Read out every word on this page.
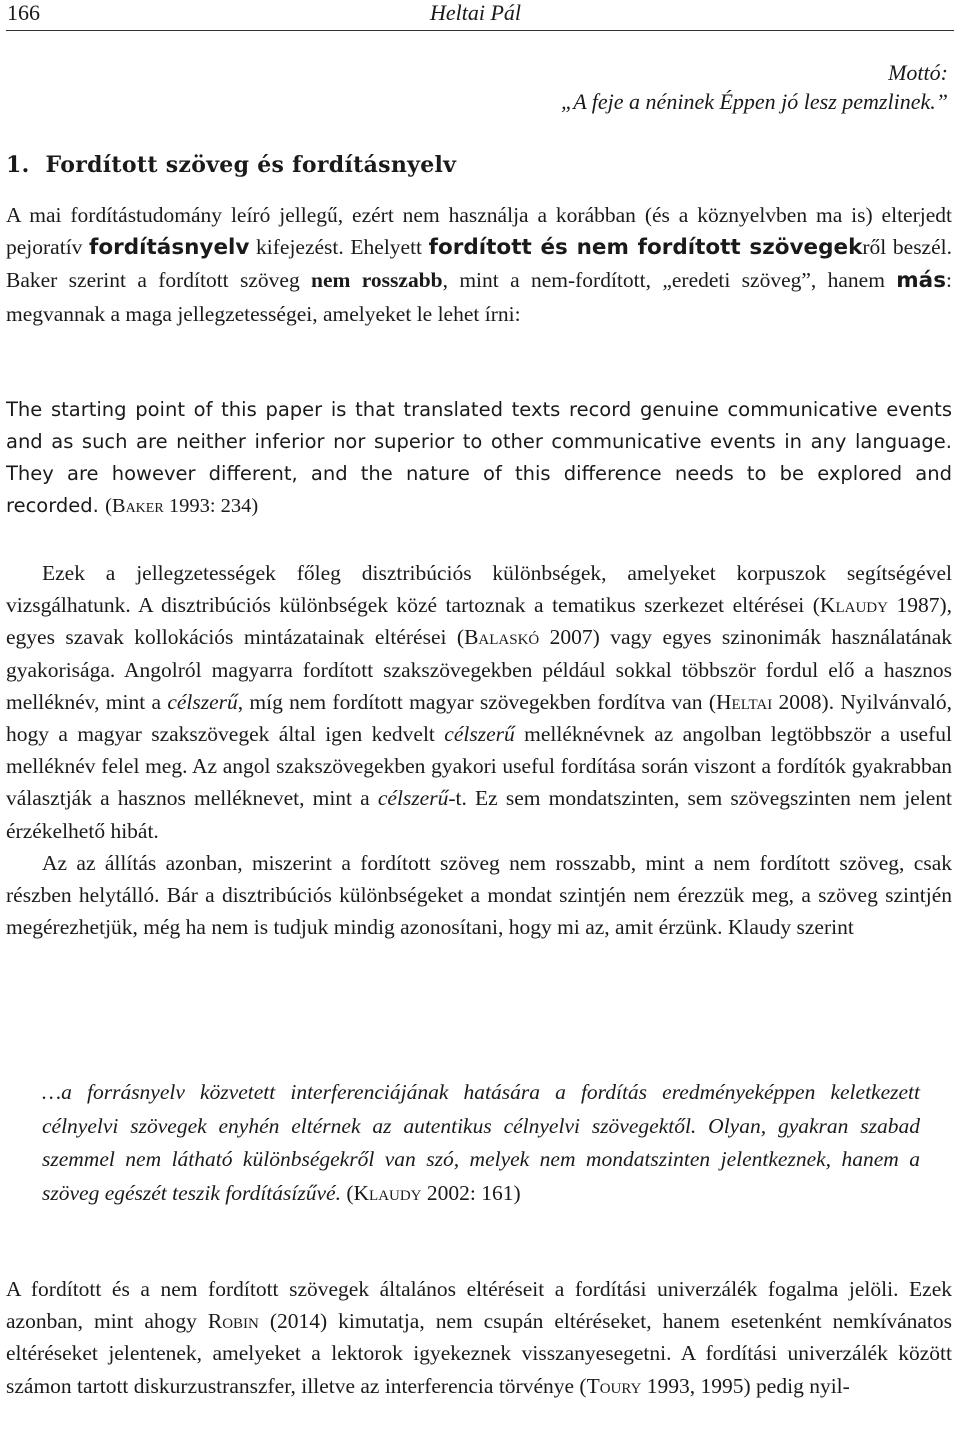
166	Heltai Pál
Mottó:
„A feje a néninek Éppen jó lesz pemzlinek.”
1. Fordított szöveg és fordításnyelv

A mai fordítástudomány leíró jellegű, ezért nem használja a korábban (és a köznyelvben ma is) elterjedt pejoratív fordításnyelv kifejezést. Ehelyett fordított és nem fordított szövegekről beszél. Baker szerint a fordított szöveg nem rosszabb, mint a nem-fordított, „eredeti szöveg”, hanem más: megvannak a maga jellegzetességei, amelyeket le lehet írni:

The starting point of this paper is that translated texts record genuine communicative events and as such are neither inferior nor superior to other communicative events in any language. They are however different, and the nature of this difference needs to be explored and recorded. (Baker 1993: 234)

Ezek a jellegzetességek főleg disztribúciós különbségek, amelyeket korpuszok segítségével vizsgálhatunk. A disztribúciós különbségek közé tartoznak a tematikus szerkezet eltérései (Klaudy 1987), egyes szavak kollokációs mintázatainak eltérései (Balaskó 2007) vagy egyes szinonimák használatának gyakorisága. Angolról magyarra fordított szakszövegekben például sokkal többször fordul elő a hasznos melléknév, mint a célszerű, míg nem fordított magyar szövegekben fordítva van (Heltai 2008). Nyilvánvaló, hogy a magyar szakszövegek által igen kedvelt célszerű melléknévnek az angolban legtöbbször a useful melléknév felel meg. Az angol szakszövegekben gyakori useful fordítása során viszont a fordítók gyakrabban választják a hasznos melléknevet, mint a célszerű-t. Ez sem mondatszinten, sem szövegszinten nem jelent érzékelhető hibát.

Az az állítás azonban, miszerint a fordított szöveg nem rosszabb, mint a nem fordított szöveg, csak részben helytálló. Bár a disztribúciós különbségeket a mondat szintjén nem érezzük meg, a szöveg szintjén megérezhetjük, még ha nem is tudjuk mindig azonosítani, hogy mi az, amit érzünk. Klaudy szerint

…a forrásnyelv közvetett interferenciájának hatására a fordítás eredményeképpen keletkezett célnyelvi szövegek enyhén eltérnek az autentikus célnyelvi szövegektől. Olyan, gyakran szabad szemmel nem látható különbségekről van szó, melyek nem mondatszinten jelentkeznek, hanem a szöveg egészét teszik fordításízűvé. (Klaudy 2002: 161)

A fordított és a nem fordított szövegek általános eltéréseit a fordítási univerzálék fogalma jelöli. Ezek azonban, mint ahogy Robin (2014) kimutatja, nem csupán eltéréseket, hanem esetenként nemkívánatos eltéréseket jelentenek, amelyeket a lektorok igyekeznek visszanyesegetni. A fordítási univerzálék között számon tartott diskurzustranszfer, illetve az interferencia törvénye (Toury 1993, 1995) pedig nyil-
